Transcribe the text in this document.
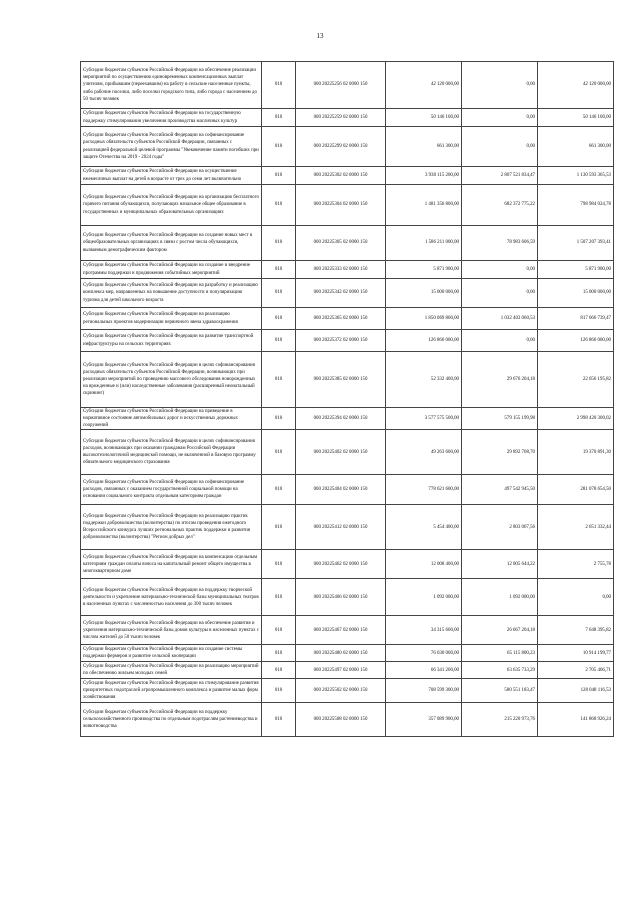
13
Субсидии бюджетам субъектов Российской Федерации на обеспечение реализации мероприятий по осуществлению единовременных компенсационных выплат учителям, прибывшим (переехавшим) на работу в сельские населенные пункты, либо рабочие поселки, либо поселки городского типа, либо города с населением до 50 тысяч человек	010	000 20225256 02 0000 150	42 120 000,00	0,00	42 120 000,00
Субсидии бюджетам субъектов Российской Федерации на государственную поддержку стимулирования увеличения производства масличных культур	010	000 20225259 02 0000 150	50 146 100,00	0,00	50 146 100,00
Субсидии бюджетам субъектов Российской Федерации на софинансирование расходных обязательств субъектов Российской Федерации, связанных с реализацией федеральной целевой программы "Увековечение памяти погибших при защите Отечества на 2019 - 2024 годы"	010	000 20225299 02 0000 150	661 300,00	0,00	661 300,00
Субсидии бюджетам субъектов Российской Федерации на осуществление ежемесячных выплат на детей в возрасте от трех до семи лет включительно	010	000 20225302 02 0000 150	3 938 115 200,00	2 807 521 834,47	1 130 593 365,53
Субсидии бюджетам субъектов Российской Федерации на организацию бесплатного горячего питания обучающихся, получающих начальное общее образование в государственных и муниципальных образовательных организациях	010	000 20225304 02 0000 150	1 481 356 800,00	682 372 775,22	798 984 024,78
Субсидии бюджетам субъектов Российской Федерации на создание новых мест в общеобразовательных организациях в связи с ростом числа обучающихся, вызванным демографическим фактором	010	000 20225305 02 0000 150	1 586 211 000,00	78 983 606,59	1 507 207 393,41
Субсидии бюджетам субъектов Российской Федерации на создание и внедрение программы поддержки и продвижения событийных мероприятий	010	000 20225333 02 0000 150	5 871 900,00	0,00	5 871 900,00
Субсидии бюджетам субъектов Российской Федерации на разработку и реализацию комплекса мер, направленных на повышение доступности и популяризацию туризма для детей школьного возраста	010	000 20225342 02 0000 150	15 000 000,00	0,00	15 000 000,00
Субсидии бюджетам субъектов Российской Федерации на реализацию региональных проектов модернизации первичного звена здравоохранения	010	000 20225365 02 0000 150	1 850 069 800,00	1 032 403 060,53	817 666 739,47
Субсидии бюджетам субъектов Российской Федерации на развитие транспортной инфраструктуры на сельских территориях	010	000 20225372 02 0000 150	126 866 000,00	0,00	126 866 000,00
Субсидии бюджетам субъектов Российской Федерации в целях софинансирования расходных обязательств субъектов Российской Федерации, возникающих при реализации мероприятий по проведению массового обследования новорожденных на врожденные и (или) наследственные заболевания (расширенный неонатальный скрининг)	010	000 20225385 02 0000 150	52 332 400,00	29 676 204,18	22 656 195,82
Субсидии бюджетам субъектов Российской Федерации на приведение в нормативное состояние автомобильных дорог и искусственных дорожных сооружений	010	000 20225394 02 0000 150	3 577 575 500,00	579 155 199,98	2 998 420 300,02
Субсидии бюджетам субъектов Российской Федерации в целях софинансирования расходов, возникающих при оказании гражданам Российской Федерации высокотехнологичной медицинской помощи, не включенной в базовую программу обязательного медицинского страхования	010	000 20225402 02 0000 150	49 263 600,00	29 892 708,70	19 370 891,30
Субсидии бюджетам субъектов Российской Федерации на софинансирование расходов, связанных с оказанием государственной социальной помощи на основании социального контракта отдельным категориям граждан	010	000 20225404 02 0000 150	778 621 600,00	497 542 945,50	281 078 654,50
Субсидии бюджетам субъектов Российской Федерации на реализацию практик поддержки добровольчества (волонтерства) по итогам проведения ежегодного Всероссийского конкурса лучших региональных практик поддержки и развития добровольчества (волонтерства) "Регион добрых дел"	010	000 20225412 02 0000 150	5 454 400,00	2 803 067,56	2 651 332,44
Субсидии бюджетам субъектов Российской Федерации на компенсацию отдельным категориям граждан оплаты взноса на капитальный ремонт общего имущества в многоквартирном доме	010	000 20225462 02 0000 150	12 008 400,00	12 005 644,22	2 755,78
Субсидии бюджетам субъектов Российской Федерации на поддержку творческой деятельности и укрепление материально-технической базы муниципальных театров в населенных пунктах с численностью населения до 300 тысяч человек	010	000 20225466 02 0000 150	1 092 000,00	1 092 000,00	0,00
Субсидии бюджетам субъектов Российской Федерации на обеспечение развития и укрепления материально-технической базы домов культуры в населенных пунктах с числом жителей до 50 тысяч человек	010	000 20225467 02 0000 150	34 315 600,00	26 667 204,18	7 648 395,82
Субсидии бюджетам субъектов Российской Федерации на создание системы поддержки фермеров и развитие сельской кооперации	010	000 20225480 02 0000 150	76 030 000,00	65 115 800,23	10 914 199,77
Субсидии бюджетам субъектов Российской Федерации на реализацию мероприятий по обеспечению жильем молодых семей	010	000 20225497 02 0000 150	66 341 200,00	63 635 733,29	2 705 466,71
Субсидии бюджетам субъектов Российской Федерации на стимулирование развития приоритетных подотраслей агропромышленного комплекса и развитие малых форм хозяйствования	010	000 20225502 02 0000 150	708 599 300,00	580 551 183,47	128 048 116,53
Субсидии бюджетам субъектов Российской Федерации на поддержку сельскохозяйственного производства по отдельным подотраслям растениеводства и животноводства	010	000 20225508 02 0000 150	357 089 900,00	215 220 973,76	141 868 926,24
